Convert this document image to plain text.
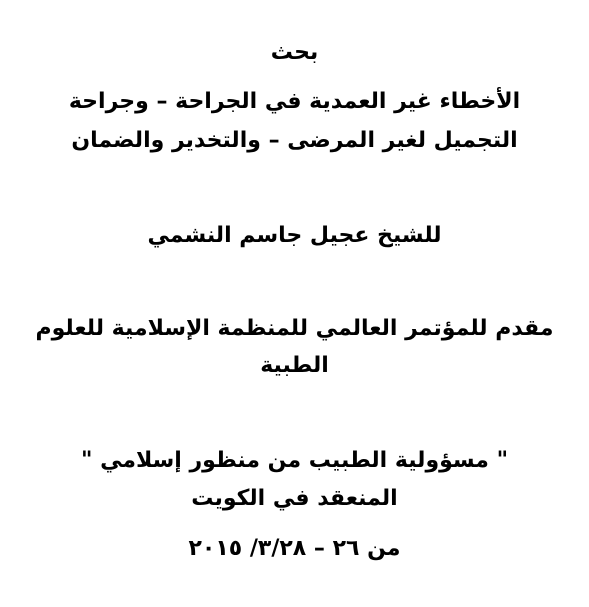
بحث
الأخطاء غير العمدية في الجراحة – وجراحة
التجميل لغير المرضى – والتخدير والضمان
للشيخ عجيل جاسم النشمي
مقدم للمؤتمر العالمي للمنظمة الإسلامية للعلوم
الطبية
" مسؤولية الطبيب من منظور إسلامي "
المنعقد في الكويت
من ٢٦ – ٣/٢٨/ ٢٠١٥
